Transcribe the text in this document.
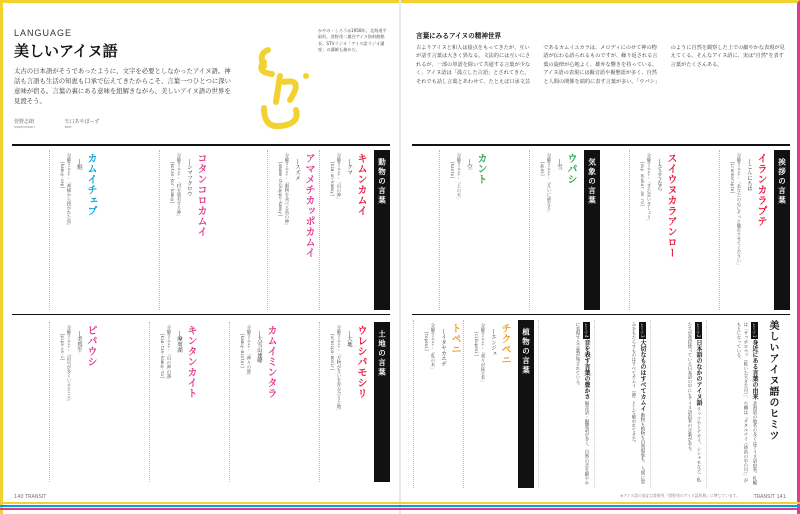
LANGUAGE
美しいアイヌ語
太古の日本語がそうであったように、文字を必要としなかったアイヌ語。神話も言語も生活の知恵も口承で伝えてきたからこそ、言葉一つひとつに深い意味が宿る。言葉の裏にある意味を紐解きながら、美しいアイヌ語の世界を見渡そう。
萱野志朗
supervision
矢口あやぽーず
text
かやの・しろう◎1958年、北海道平取町。萱野茂二風谷アイヌ資料館館長。STVラジオ「アイヌ語ラジオ講座」の講師も務めた。
言葉にみるアイヌの精神世界
古よりアイヌと和人は接点をもってきたが、互いが話す言葉は大きく異なる。文法的には互いにされるが、一部の単語を除いて共通する言葉が少なく、アイヌ語は「孤立した言語」とされてきた。それでも話し言葉とあわせて、たとえば口承文芸であるカムイユカラは、メロディにのせて神の物語が伝わる語られるものですが、繰り返される言葉の旋律が心地よく、雄弁な響きを持っている。アイヌ語の表現には擬音語や擬態語が多く、自然と人間の関係を端的に表す言葉が多い。「ウパシ」のように自然を観察した上での細やかな表現が見えてくる。そんなアイヌ語に、実は"自然"を表す言葉がたくさんある。
動物の言葉
キムンカムイ
―クマ
分解すると…「山の神」
[kim-un-kamuy]
アマメチカッポカムイ
―スズメ
分解すると…「穀物を食べる鳥の神」
[amame-chikappo-kamuy]
コタンコロカムイ
―シマフクロウ
分解すると…「村を領有する神」
[kotan-kor-kamuy]
カムイチェプ
―鮭
分解すると…「神様から授かれた魚」
[kamuy-cep]
土地の言葉
ウレシパモシリ
―大地
分解すると…「万物が互いを育み合う土地」
[uresipa-mosir]
カムイミンタラ
―大雪山連峰
分解すると…「神々の庭」
[kamuy-mintar]
キンタンカイト
―摩周湖
分解すると…「山の神の湖」
[kim-tan-kamuy-to]
ピパウシ
―美馬牛
分解すると…「沼貝が多くいるところ」
[pipa-us-i]
挨拶の言葉
イランカラプテ
―こんにちは
分解すると…「あなたの心にそっと触れさせてください」
[irankarapte]
スイウヌカラアンロー
―さようなら
分解すると…「また会いましょう」
[suy unukar an ro]
気象の言葉
ウパシ
―雪
分解すると…「互いに重なる」
[upas]
カント
―空
分解すると…「上の天」
[kanto]
美しいアイヌ語のヒミツ
ヒミツ1 身近にある言葉の由来 北海道の地名の多くはアイヌ語由来。札幌は「サッポロペッ（乾いた大きな川）」、小樽は「オタルナイ（砂浜の中の川）」がもとになっている。
ヒミツ2 日本語のなかのアイヌ語 ラッコやトナカイ、シシャモなど、私たちが普段使っている日本語の中にもアイヌ語由来の言葉がある。
ヒミツ3 大切なものはすべてカムイ 動物も植物も自然現象も、人間に恵みをもたらすものはすべてカムイ（神）として敬われてきた。
ヒミツ4 音を表す言葉の豊かさ 擬音語・擬態語が多く、自然の音を細やかに表現する言葉が残されている。
植物の言葉
チクペニ
―エンジュ
分解すると…「我々が座る木」
[cikupeni]
トペニ
―イタヤカエデ
分解すると…「乳の木」
[topeni]
140 TRANSIT	TRANSIT 141
※アイヌ語の表記は萱野茂『萱野茂のアイヌ語辞典』に準じています。
